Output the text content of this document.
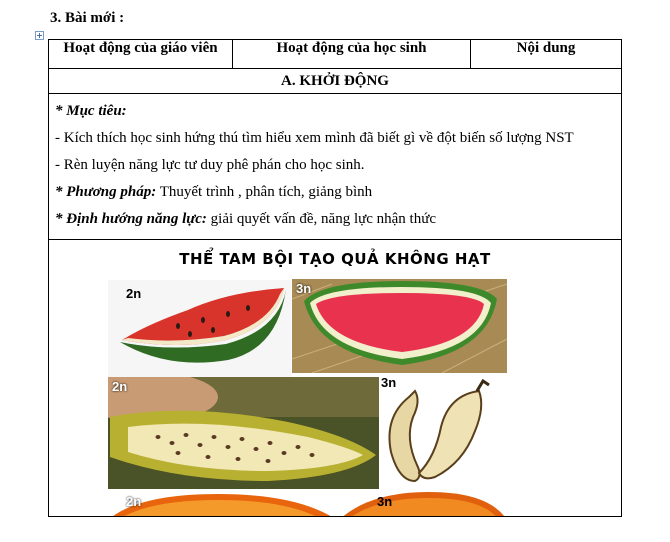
3. Bài mới :
Hoạt động của giáo viên	Hoạt động của học sinh	Nội dung
A. KHỞI ĐỘNG

* Mục tiêu:

- Kích thích học sinh hứng thú tìm hiểu xem mình đã biết gì về đột biến số lượng NST

- Rèn luyện năng lực tư duy phê phán cho học sinh.

* Phương pháp: Thuyết trình , phân tích, giảng bình

* Định hướng năng lực: giải quyết vấn đề, năng lực nhận thức

THỂ TAM BỘI TẠO QUẢ KHÔNG HẠT
2n	3n
2n	3n
2n	3n
